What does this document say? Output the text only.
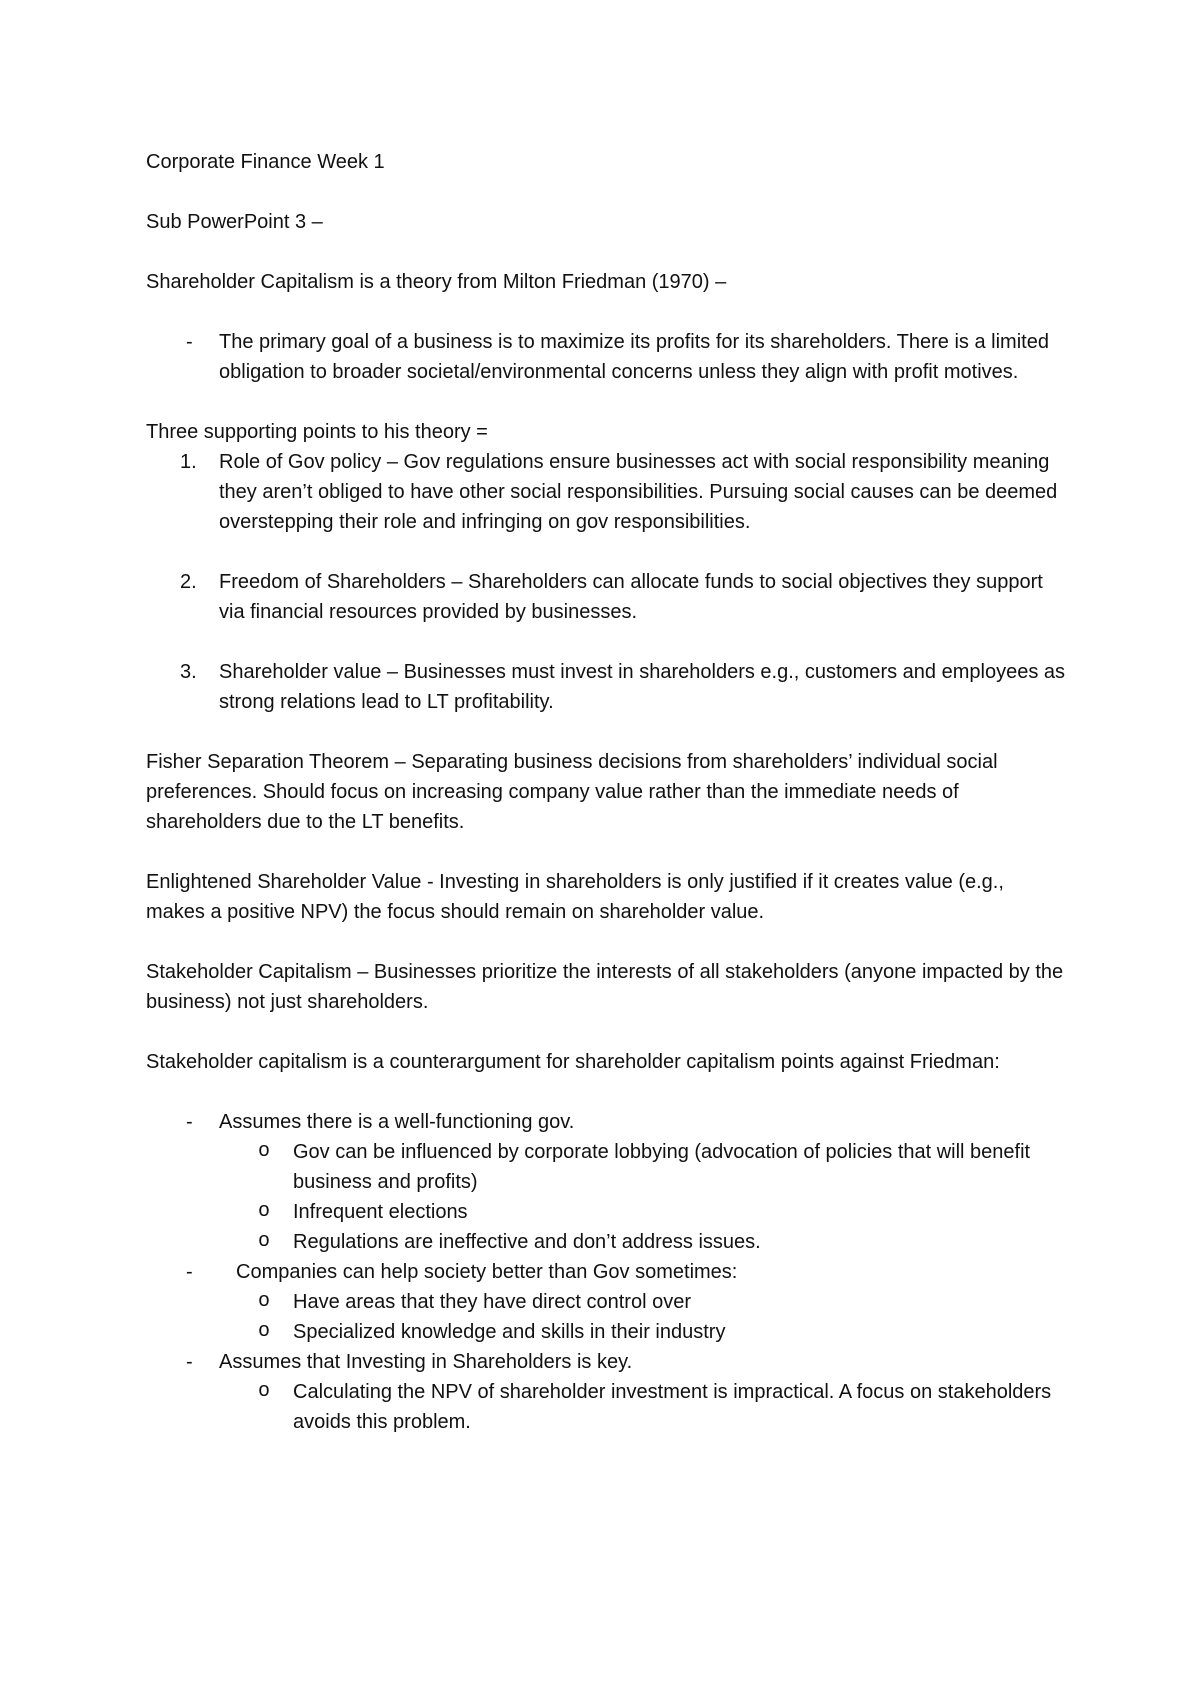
Corporate Finance Week 1

Sub PowerPoint 3 –

Shareholder Capitalism is a theory from Milton Friedman (1970) –

- The primary goal of a business is to maximize its profits for its shareholders. There is a limited obligation to broader societal/environmental concerns unless they align with profit motives.

Three supporting points to his theory =

1. Role of Gov policy – Gov regulations ensure businesses act with social responsibility meaning they aren’t obliged to have other social responsibilities. Pursuing social causes can be deemed overstepping their role and infringing on gov responsibilities.
2. Freedom of Shareholders – Shareholders can allocate funds to social objectives they support via financial resources provided by businesses.
3. Shareholder value – Businesses must invest in shareholders e.g., customers and employees as strong relations lead to LT profitability.

Fisher Separation Theorem – Separating business decisions from shareholders’ individual social preferences. Should focus on increasing company value rather than the immediate needs of shareholders due to the LT benefits.

Enlightened Shareholder Value - Investing in shareholders is only justified if it creates value (e.g., makes a positive NPV) the focus should remain on shareholder value.

Stakeholder Capitalism – Businesses prioritize the interests of all stakeholders (anyone impacted by the business) not just shareholders.

Stakeholder capitalism is a counterargument for shareholder capitalism points against Friedman:

- Assumes there is a well-functioning gov.
o Gov can be influenced by corporate lobbying (advocation of policies that will benefit business and profits)
o Infrequent elections
o Regulations are ineffective and don’t address issues.
- Companies can help society better than Gov sometimes:
o Have areas that they have direct control over
o Specialized knowledge and skills in their industry
- Assumes that Investing in Shareholders is key.
o Calculating the NPV of shareholder investment is impractical. A focus on stakeholders avoids this problem.
